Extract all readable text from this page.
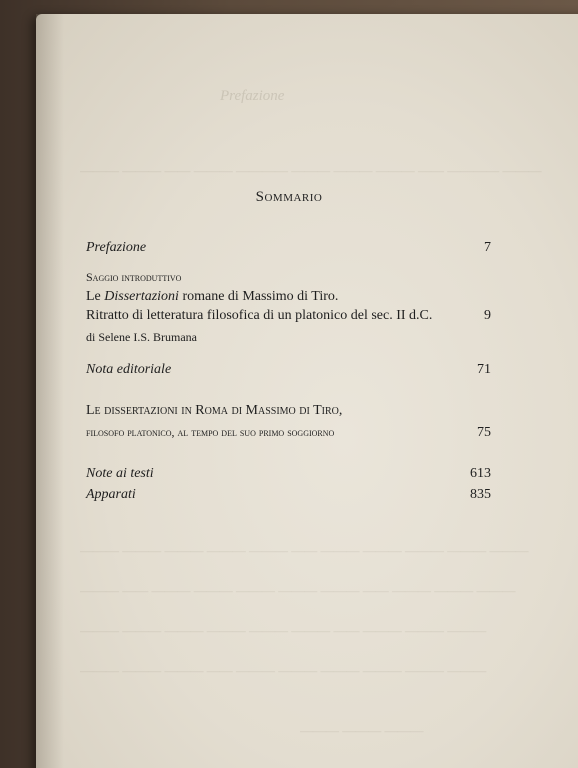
Prefazione
——— ——— —— ——— ———— ——— ——— ——— —— ———— ———
——— ——— ——— ——— ——— —— ——— ——— ——— ——— ———
——— —— ——— ——— ——— ——— ——— —— ——— ——— ———
——— ——— ——— ——— ——— ——— —— ——— ——— ———
——— ——— ——— —— ——— ——— ——— ——— ——— ———
——— ——— ———
Sommario
Prefazione	7
Saggio introduttivo
Le Dissertazioni romane di Massimo di Tiro.
Ritratto di letteratura filosofica di un platonico del sec. II d.C.	9
di Selene I.S. Brumana
Nota editoriale	71
Le dissertazioni in Roma di Massimo di Tiro,
filosofo platonico, al tempo del suo primo soggiorno	75
Note ai testi	613
Apparati	835
